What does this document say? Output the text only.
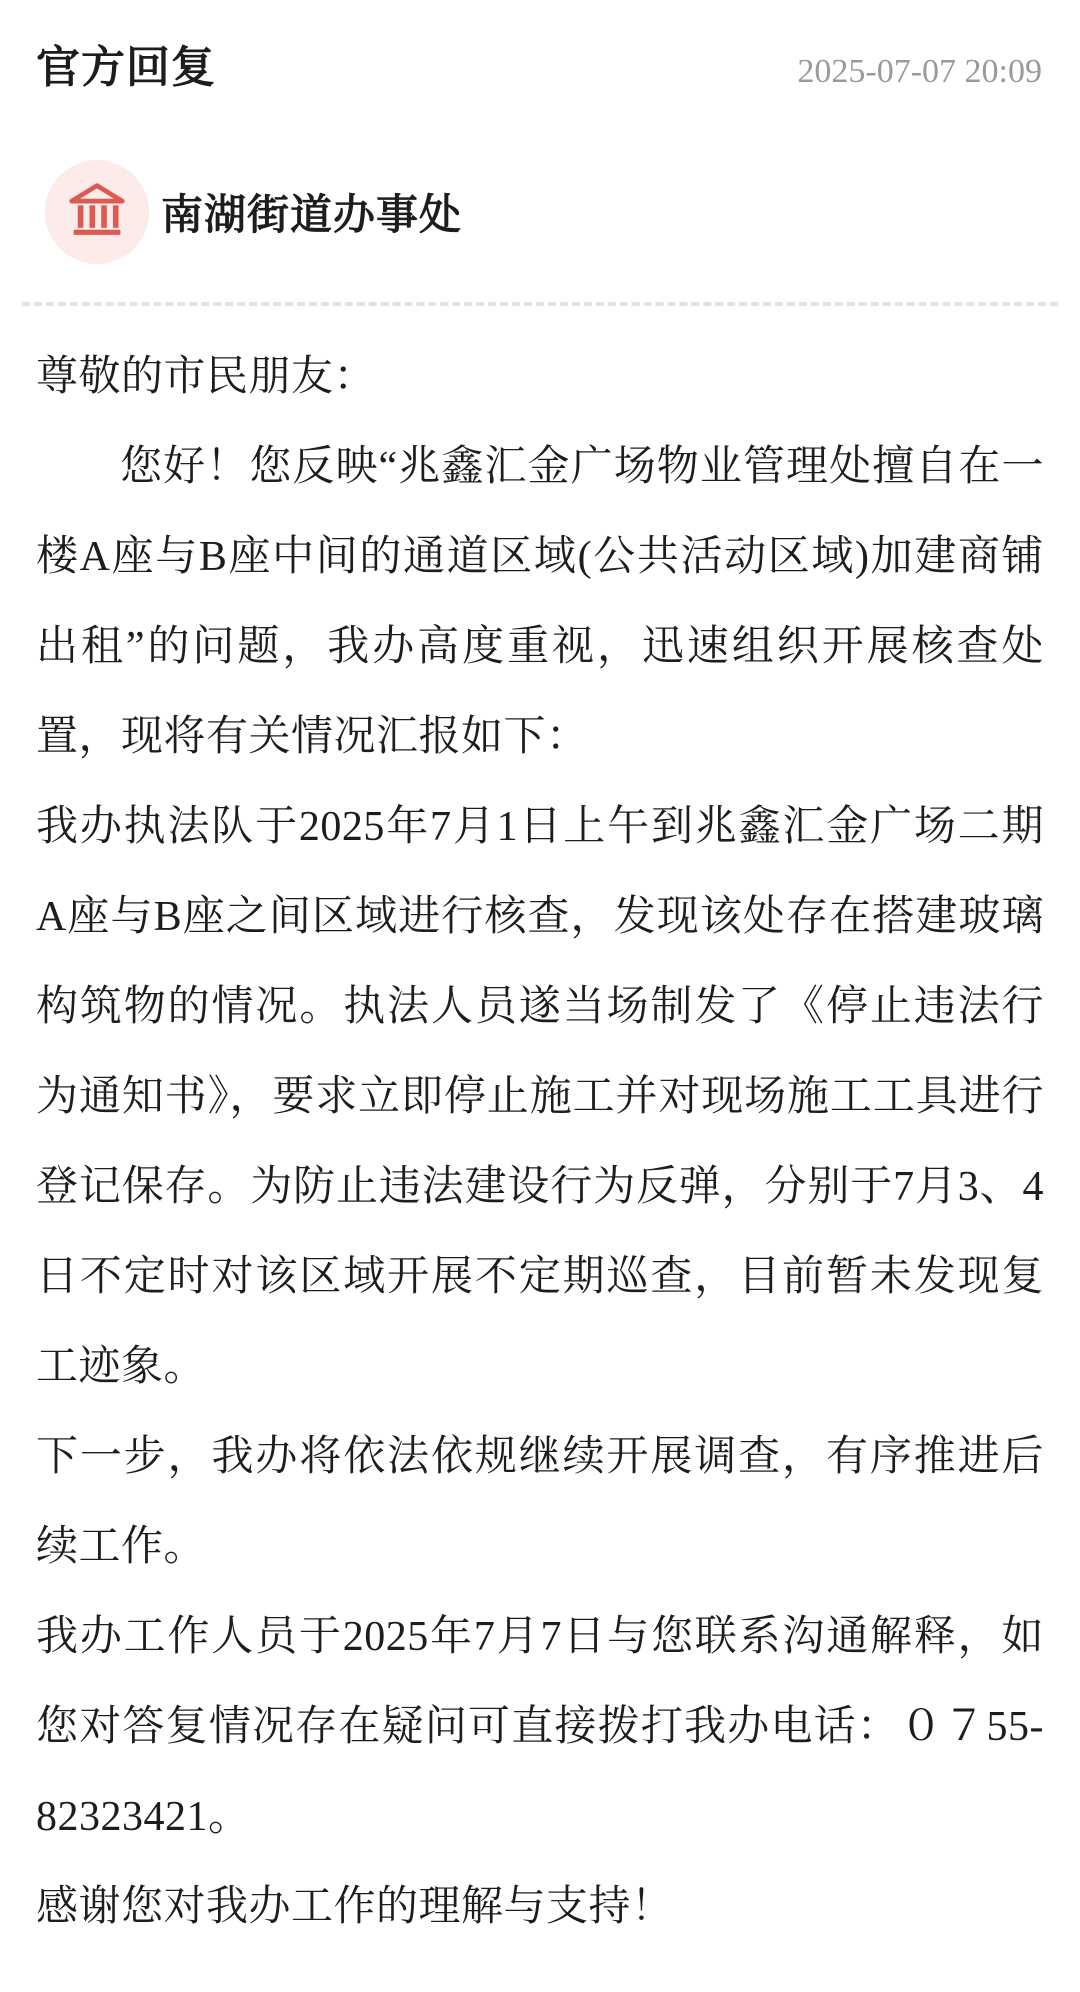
官方回复	2025-07-07 20:09
南湖街道办事处

尊敬的市民朋友：

您好！您反映“兆鑫汇金广场物业管理处擅自在一楼A座与B座中间的通道区域(公共活动区域)加建商铺出租”的问题，我办高度重视，迅速组织开展核查处置，现将有关情况汇报如下：

我办执法队于2025年7月1日上午到兆鑫汇金广场二期A座与B座之间区域进行核查，发现该处存在搭建玻璃构筑物的情况。执法人员遂当场制发了《停止违法行为通知书》，要求立即停止施工并对现场施工工具进行登记保存。为防止违法建设行为反弹，分别于7月3、4日不定时对该区域开展不定期巡查，目前暂未发现复工迹象。

下一步，我办将依法依规继续开展调查，有序推进后续工作。

我办工作人员于2025年7月7日与您联系沟通解释，如您对答复情况存在疑问可直接拨打我办电话：０７55-82323421。

感谢您对我办工作的理解与支持！
